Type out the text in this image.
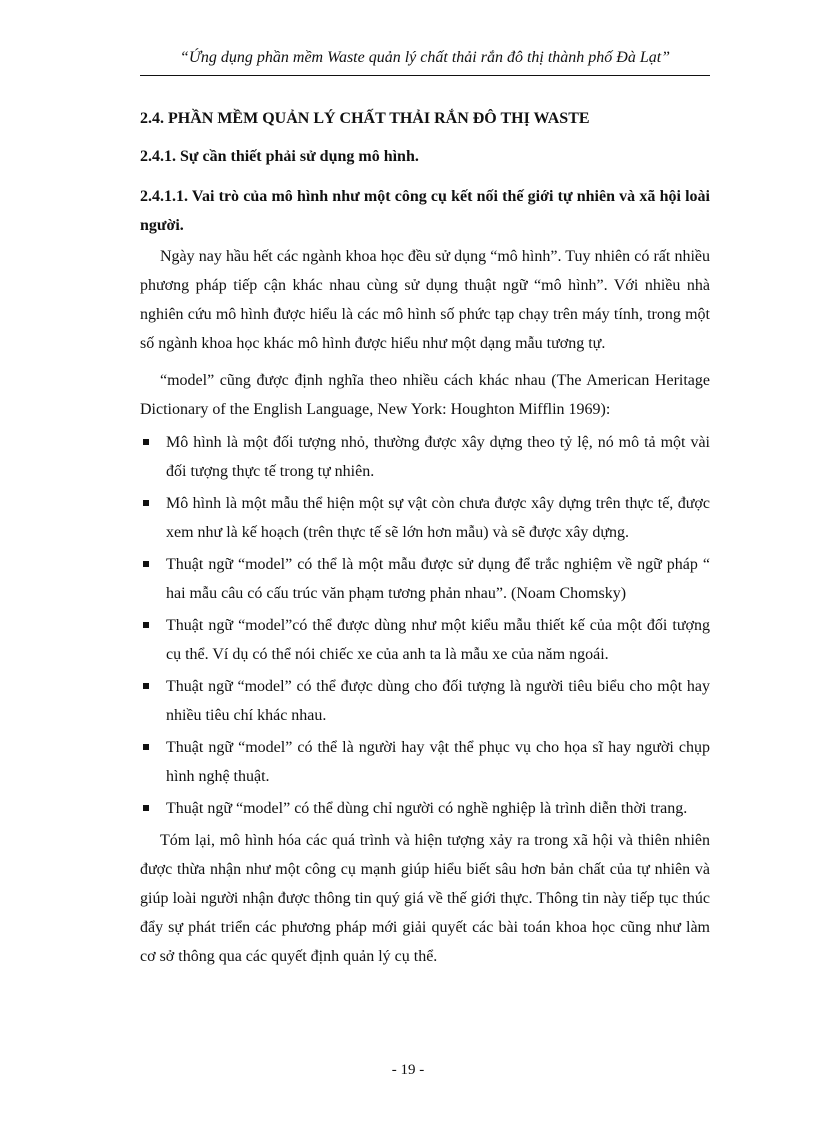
“Ứng dụng phần mềm Waste quản lý chất thải rắn đô thị thành phố Đà Lạt”
2.4. PHẦN MỀM QUẢN LÝ CHẤT THẢI RẮN ĐÔ THỊ WASTE
2.4.1. Sự cần thiết phải sử dụng mô hình.
2.4.1.1. Vai trò của mô hình như một công cụ kết nối thế giới tự nhiên và xã hội loài người.

Ngày nay hầu hết các ngành khoa học đều sử dụng “mô hình”. Tuy nhiên có rất nhiều phương pháp tiếp cận khác nhau cùng sử dụng thuật ngữ “mô hình”. Với nhiều nhà nghiên cứu mô hình được hiểu là các mô hình số phức tạp chạy trên máy tính, trong một số ngành khoa học khác mô hình được hiểu như một dạng mẫu tương tự.

“model” cũng được định nghĩa theo nhiều cách khác nhau (The American Heritage Dictionary of the English Language, New York: Houghton Mifflin 1969):

Mô hình là một đối tượng nhỏ, thường được xây dựng theo tỷ lệ, nó mô tả một vài đối tượng thực tế trong tự nhiên.
Mô hình là một mẫu thể hiện một sự vật còn chưa được xây dựng trên thực tế, được xem như là kế hoạch (trên thực tế sẽ lớn hơn mẫu) và sẽ được xây dựng.
Thuật ngữ “model” có thể là một mẫu được sử dụng để trắc nghiệm về ngữ pháp “ hai mẫu câu có cấu trúc văn phạm tương phản nhau”. (Noam Chomsky)
Thuật ngữ “model”có thể được dùng như một kiểu mẫu thiết kế của một đối tượng cụ thể. Ví dụ có thể nói chiếc xe của anh ta là mẫu xe của năm ngoái.
Thuật ngữ “model” có thể được dùng cho đối tượng là người tiêu biểu cho một hay nhiều tiêu chí khác nhau.
Thuật ngữ “model” có thể là người hay vật thể phục vụ cho họa sĩ hay người chụp hình nghệ thuật.
Thuật ngữ “model” có thể dùng chỉ người có nghề nghiệp là trình diễn thời trang.

Tóm lại, mô hình hóa các quá trình và hiện tượng xảy ra trong xã hội và thiên nhiên được thừa nhận như một công cụ mạnh giúp hiểu biết sâu hơn bản chất của tự nhiên và giúp loài người nhận được thông tin quý giá về thế giới thực. Thông tin này tiếp tục thúc đẩy sự phát triển các phương pháp mới giải quyết các bài toán khoa học cũng như làm cơ sở thông qua các quyết định quản lý cụ thể.

- 19 -
